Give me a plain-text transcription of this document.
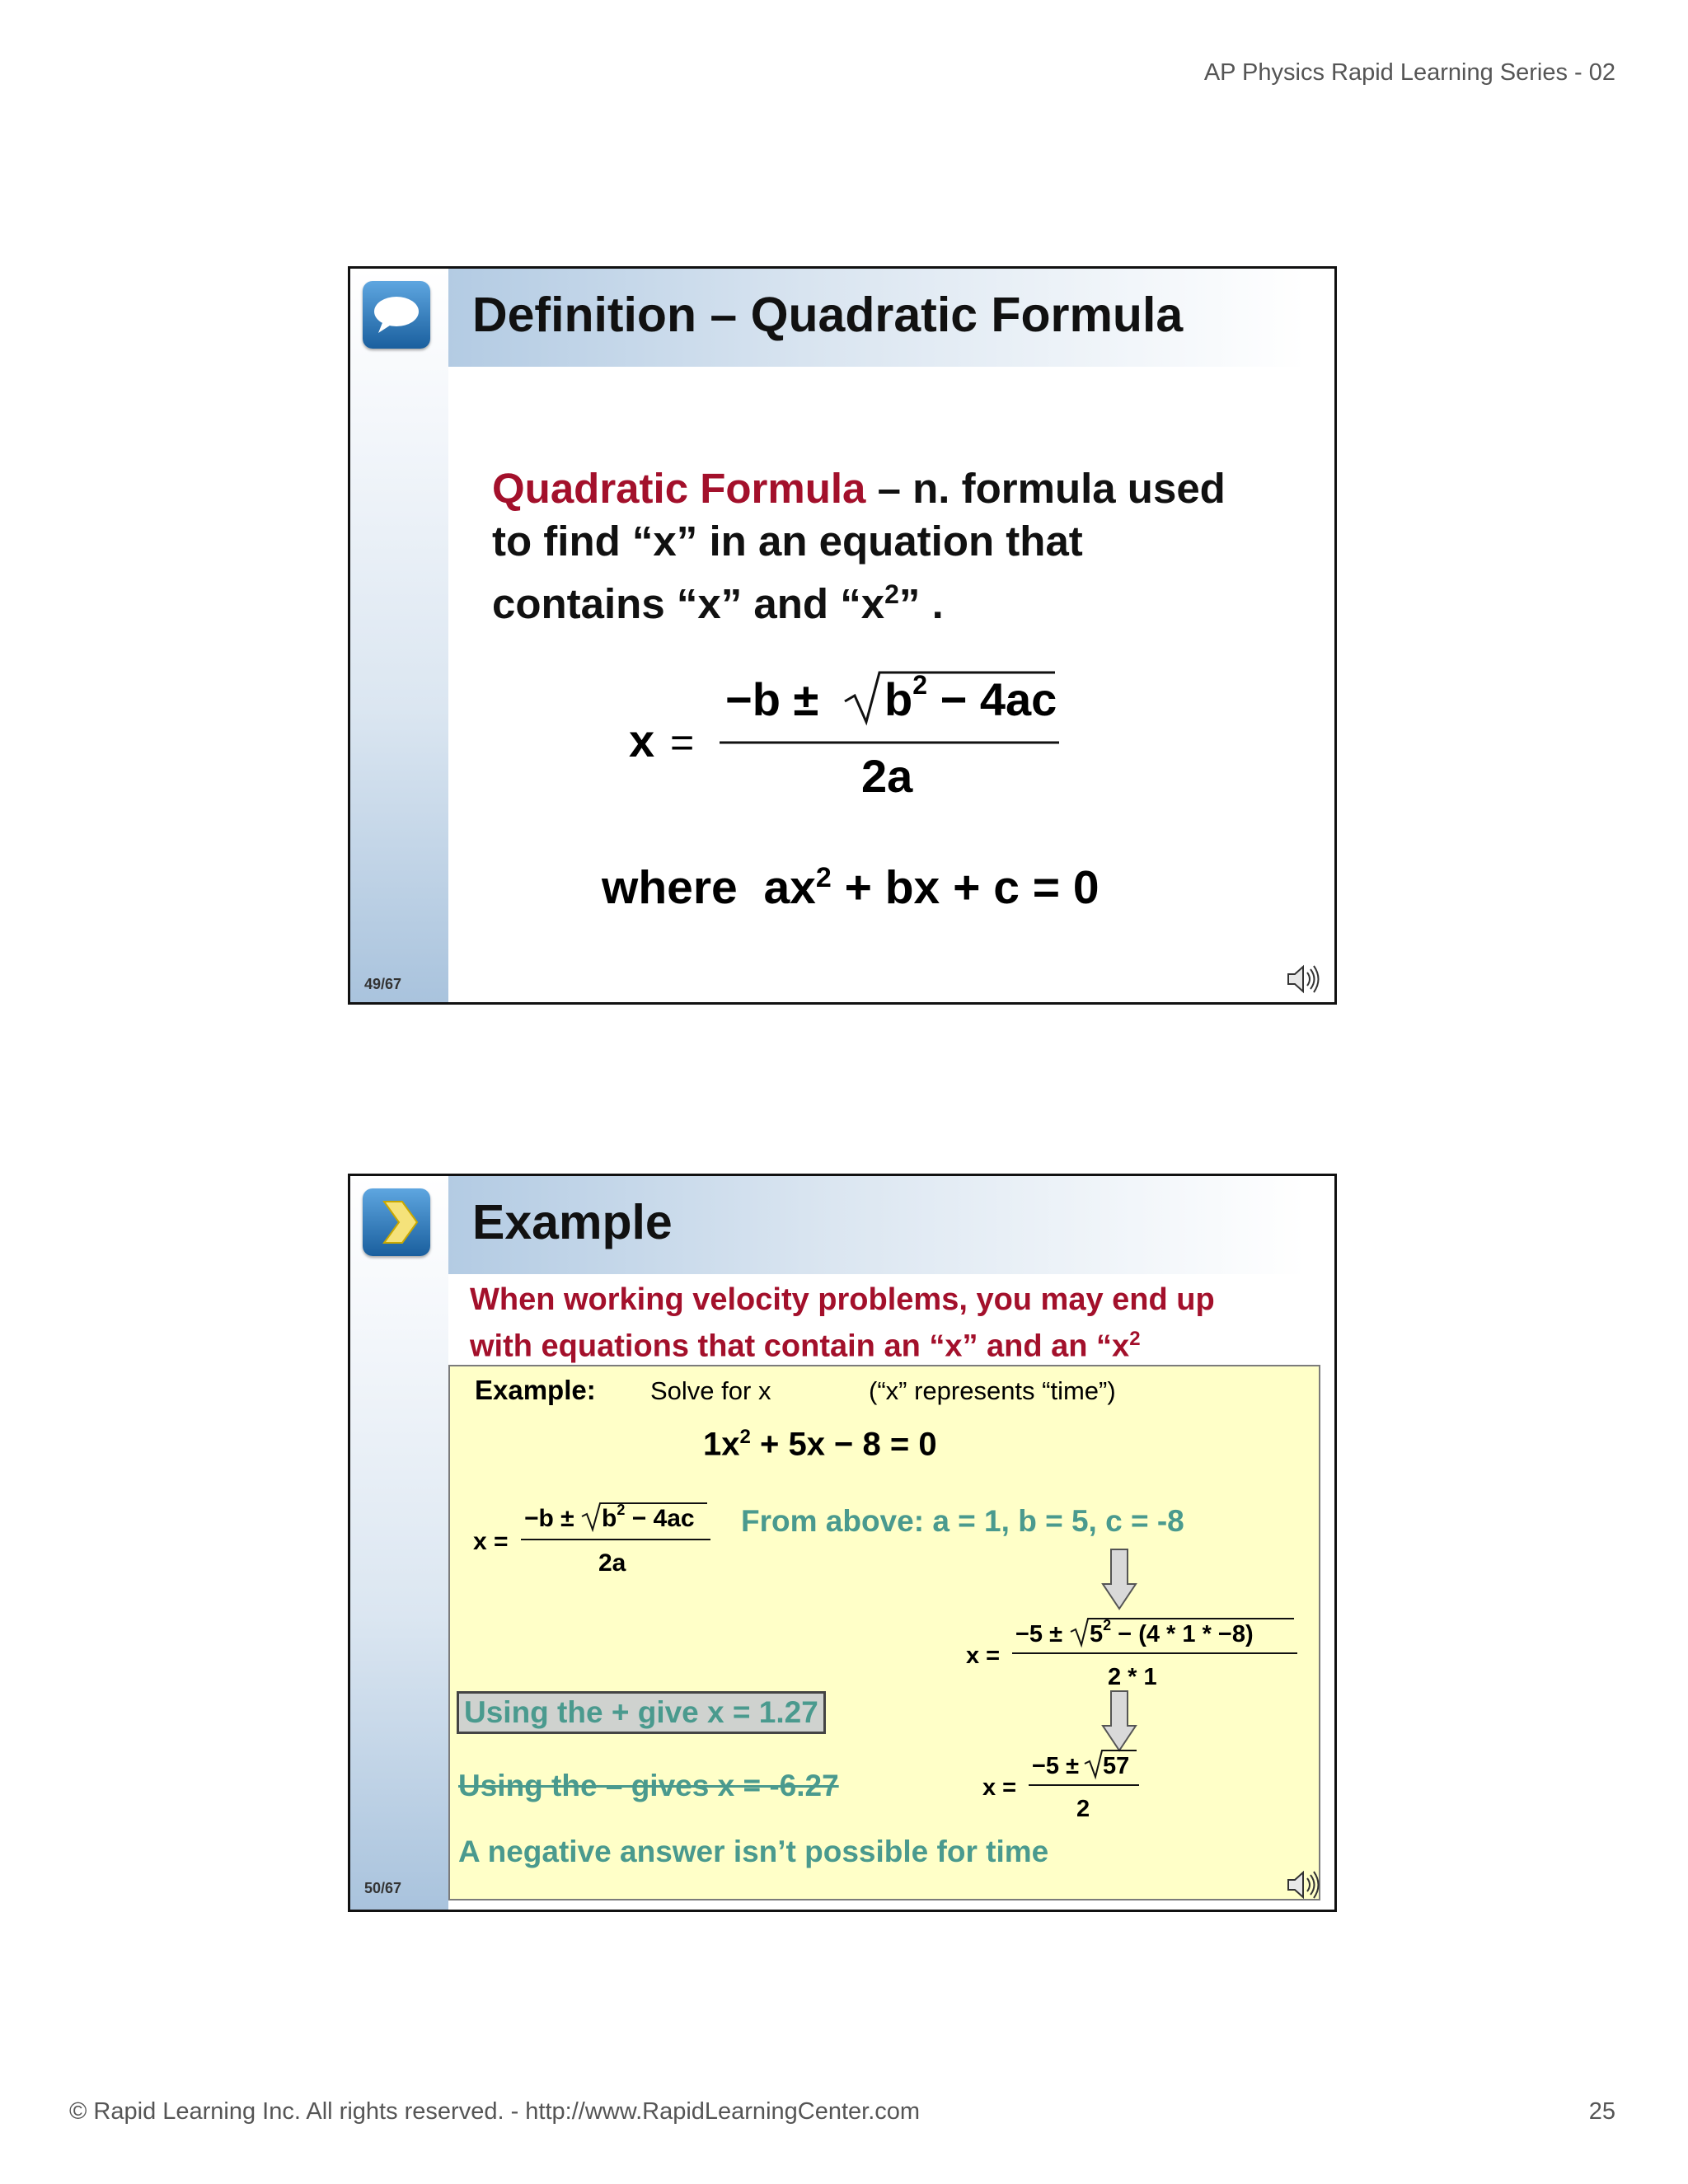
AP Physics Rapid Learning Series - 02
Definition – Quadratic Formula
Quadratic Formula – n. formula used
to find “x” in an equation that
contains “x” and “$x^2$” .
x =
$-b \pm b^2 - 4ac$
2a
where $ax^2$ + bx + c = 0
49/67
Example
When working velocity problems, you may end up
with equations that contain an “x” and an “$x^2$
Example: Solve for x	(“x” represents “time”)
$1x^2 + 5x - 8 = 0$
x =
$-b \pm b^2 - 4ac$
2a
From above: a = 1, b = 5, c = -8
x =
$-5 \pm 5^2 - (4 * 1 * -8)$
2 * 1
x =
−5 ± 57
2
Using the + give x = 1.27
Using the – gives x = -6.27
A negative answer isn’t possible for time
50/67
© Rapid Learning Inc. All rights reserved. - http://www.RapidLearningCenter.com	25
